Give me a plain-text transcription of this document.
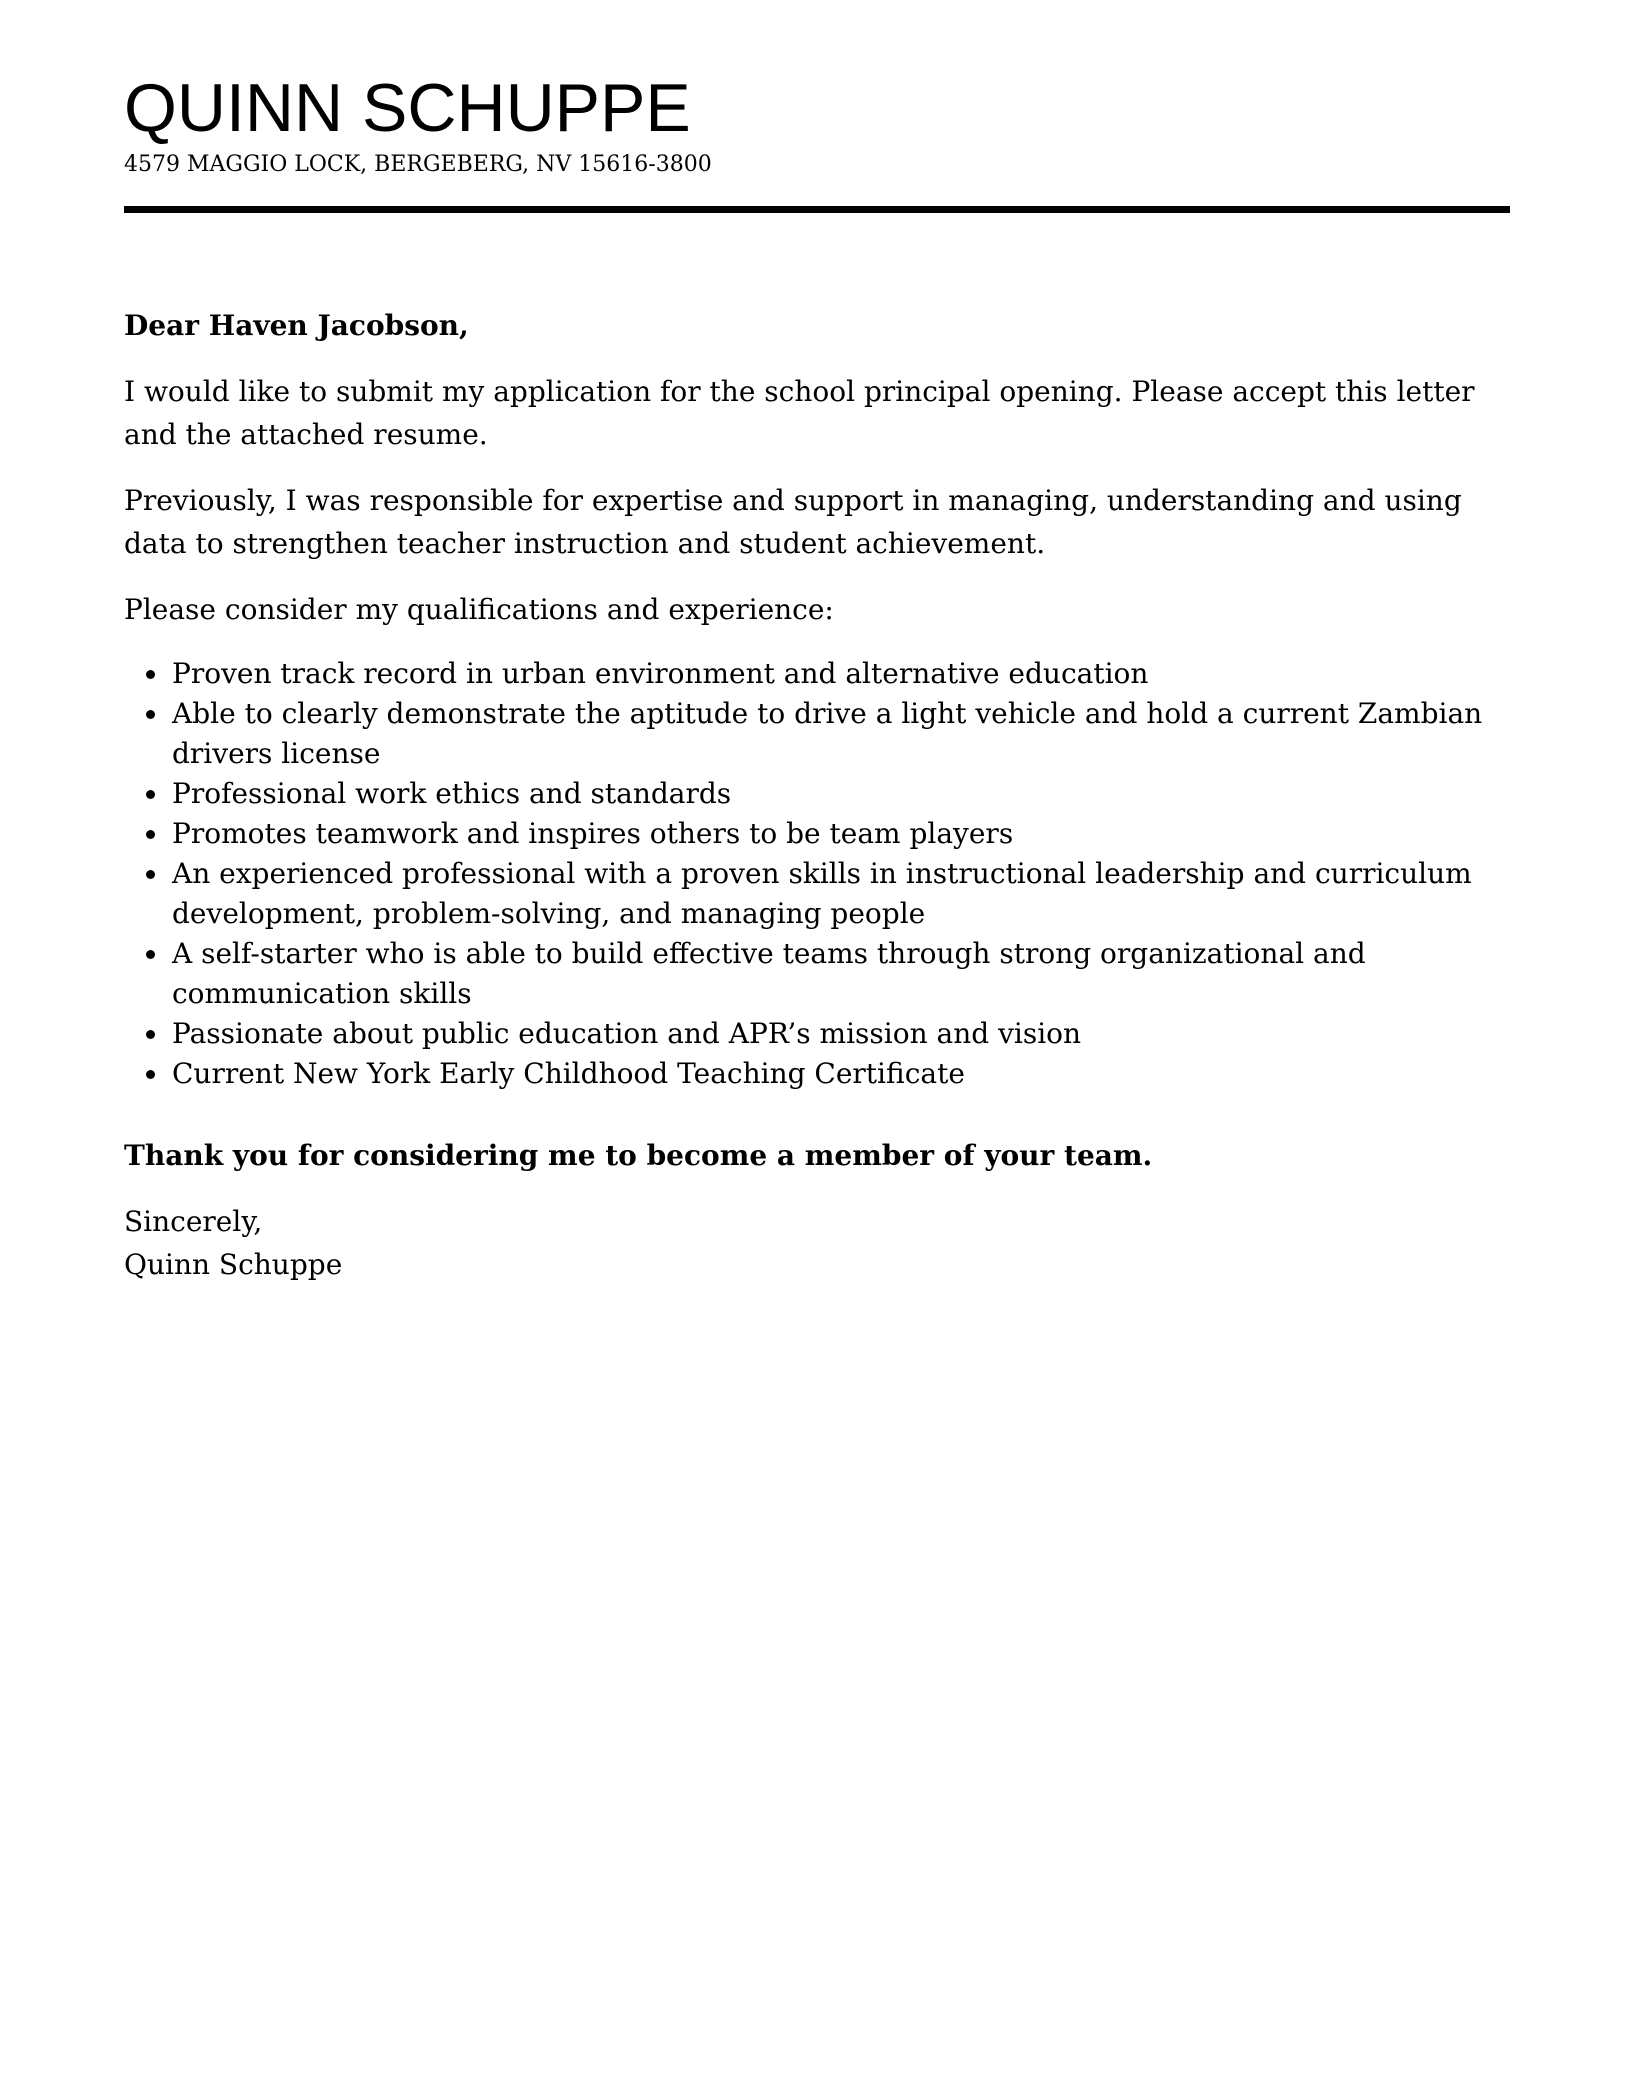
QUINN SCHUPPE
4579 MAGGIO LOCK, BERGEBERG, NV 15616-3800

Dear Haven Jacobson,

I would like to submit my application for the school principal opening. Please accept this letter and the attached resume.

Previously, I was responsible for expertise and support in managing, understanding and using data to strengthen teacher instruction and student achievement.

Please consider my qualifications and experience:

Proven track record in urban environment and alternative education
Able to clearly demonstrate the aptitude to drive a light vehicle and hold a current Zambian drivers license
Professional work ethics and standards
Promotes teamwork and inspires others to be team players
An experienced professional with a proven skills in instructional leadership and curriculum development, problem-solving, and managing people
A self-starter who is able to build effective teams through strong organizational and communication skills
Passionate about public education and APR’s mission and vision
Current New York Early Childhood Teaching Certificate

Thank you for considering me to become a member of your team.

Sincerely,

Quinn Schuppe
